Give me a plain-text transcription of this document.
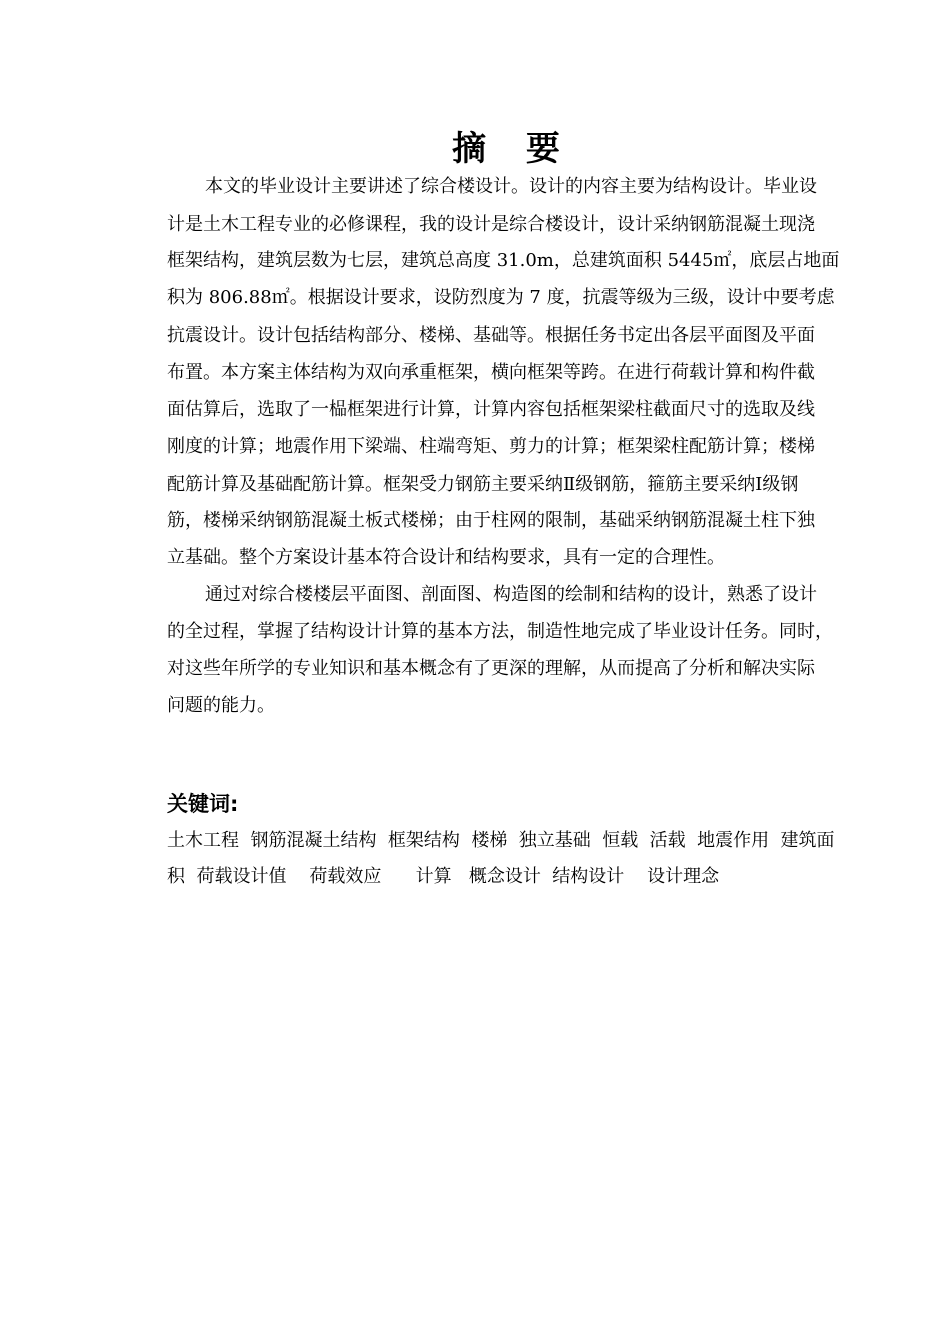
摘 要
本文的毕业设计主要讲述了综合楼设计。设计的内容主要为结构设计。毕业设
计是土木工程专业的必修课程，我的设计是综合楼设计，设计采纳钢筋混凝土现浇
框架结构，建筑层数为七层，建筑总高度 31.0m，总建筑面积 5445㎡，底层占地面
积为 806.88㎡。根据设计要求，设防烈度为 7 度，抗震等级为三级，设计中要考虑
抗震设计。设计包括结构部分、楼梯、基础等。根据任务书定出各层平面图及平面
布置。本方案主体结构为双向承重框架，横向框架等跨。在进行荷载计算和构件截
面估算后，选取了一榀框架进行计算，计算内容包括框架梁柱截面尺寸的选取及线
刚度的计算；地震作用下梁端、柱端弯矩、剪力的计算；框架梁柱配筋计算；楼梯
配筋计算及基础配筋计算。框架受力钢筋主要采纳Ⅱ级钢筋，箍筋主要采纳Ⅰ级钢
筋，楼梯采纳钢筋混凝土板式楼梯；由于柱网的限制，基础采纳钢筋混凝土柱下独
立基础。整个方案设计基本符合设计和结构要求，具有一定的合理性。
通过对综合楼楼层平面图、剖面图、构造图的绘制和结构的设计，熟悉了设计
的全过程，掌握了结构设计计算的基本方法，制造性地完成了毕业设计任务。同时，
对这些年所学的专业知识和基本概念有了更深的理解，从而提高了分析和解决实际
问题的能力。
关键词:
土木工程  钢筋混凝土结构  框架结构  楼梯  独立基础  恒载  活载  地震作用  建筑面
积  荷载设计值    荷载效应      计算   概念设计  结构设计    设计理念
